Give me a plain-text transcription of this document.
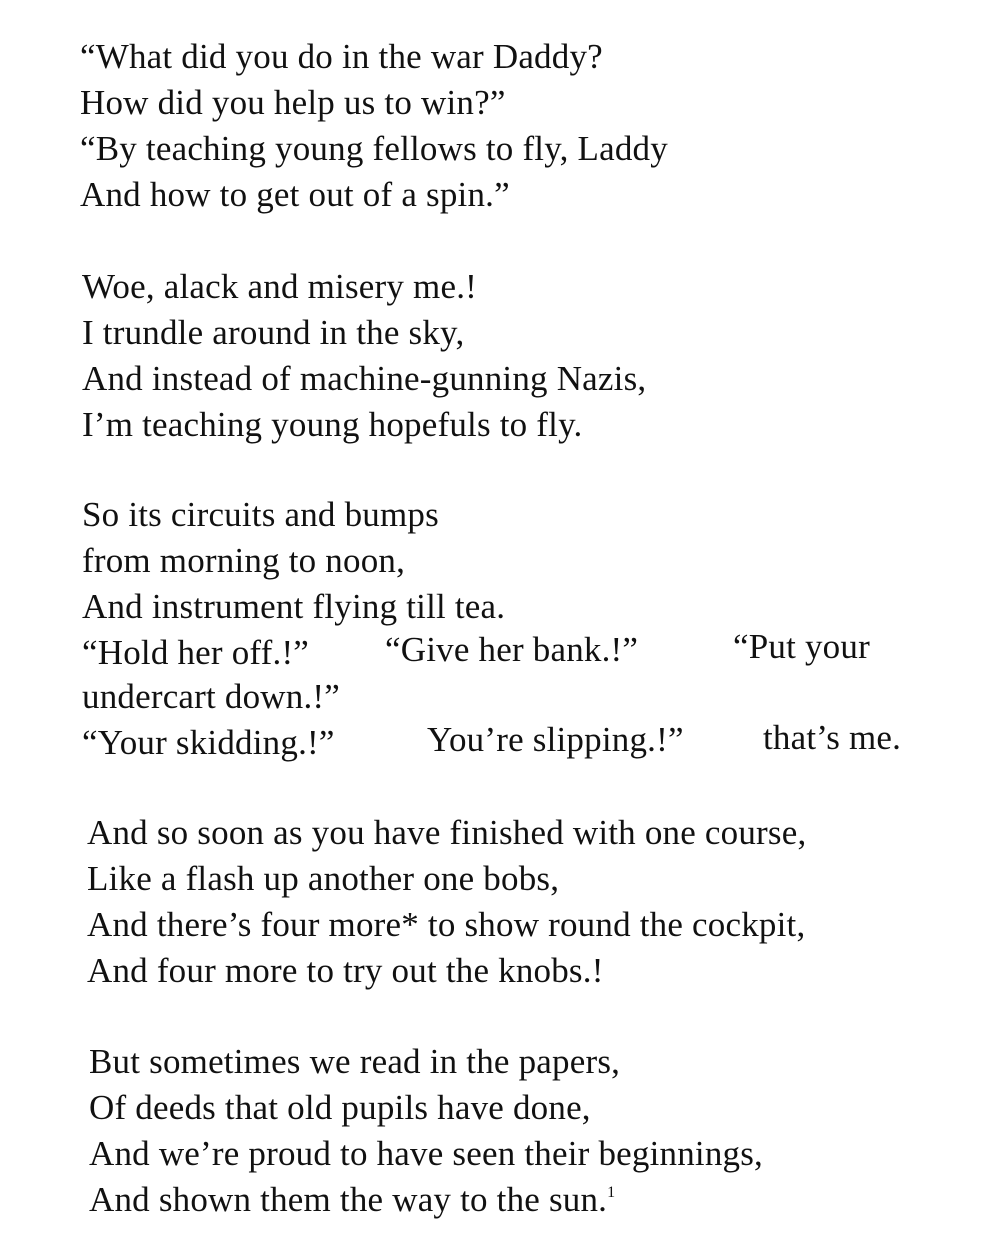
“What did you do in the war Daddy?
How did you help us to win?”
“By teaching young fellows to fly, Laddy
And how to get out of a spin.”
Woe, alack and misery me.!
I trundle around in the sky,
And instead of machine-gunning Nazis,
I’m teaching young hopefuls to fly.
So its circuits and bumps
from morning to noon,
And instrument flying till tea.
“Hold her off.!” “Give her bank.!”	“Put your
undercart down.!”
“Your skidding.!”	You’re slipping.!” that’s me.
And so soon as you have finished with one course,
Like a flash up another one bobs,
And there’s four more* to show round the cockpit,
And four more to try out the knobs.!
But sometimes we read in the papers,
Of deeds that old pupils have done,
And we’re proud to have seen their beginnings,
And shown them the way to the sun.$^1$
